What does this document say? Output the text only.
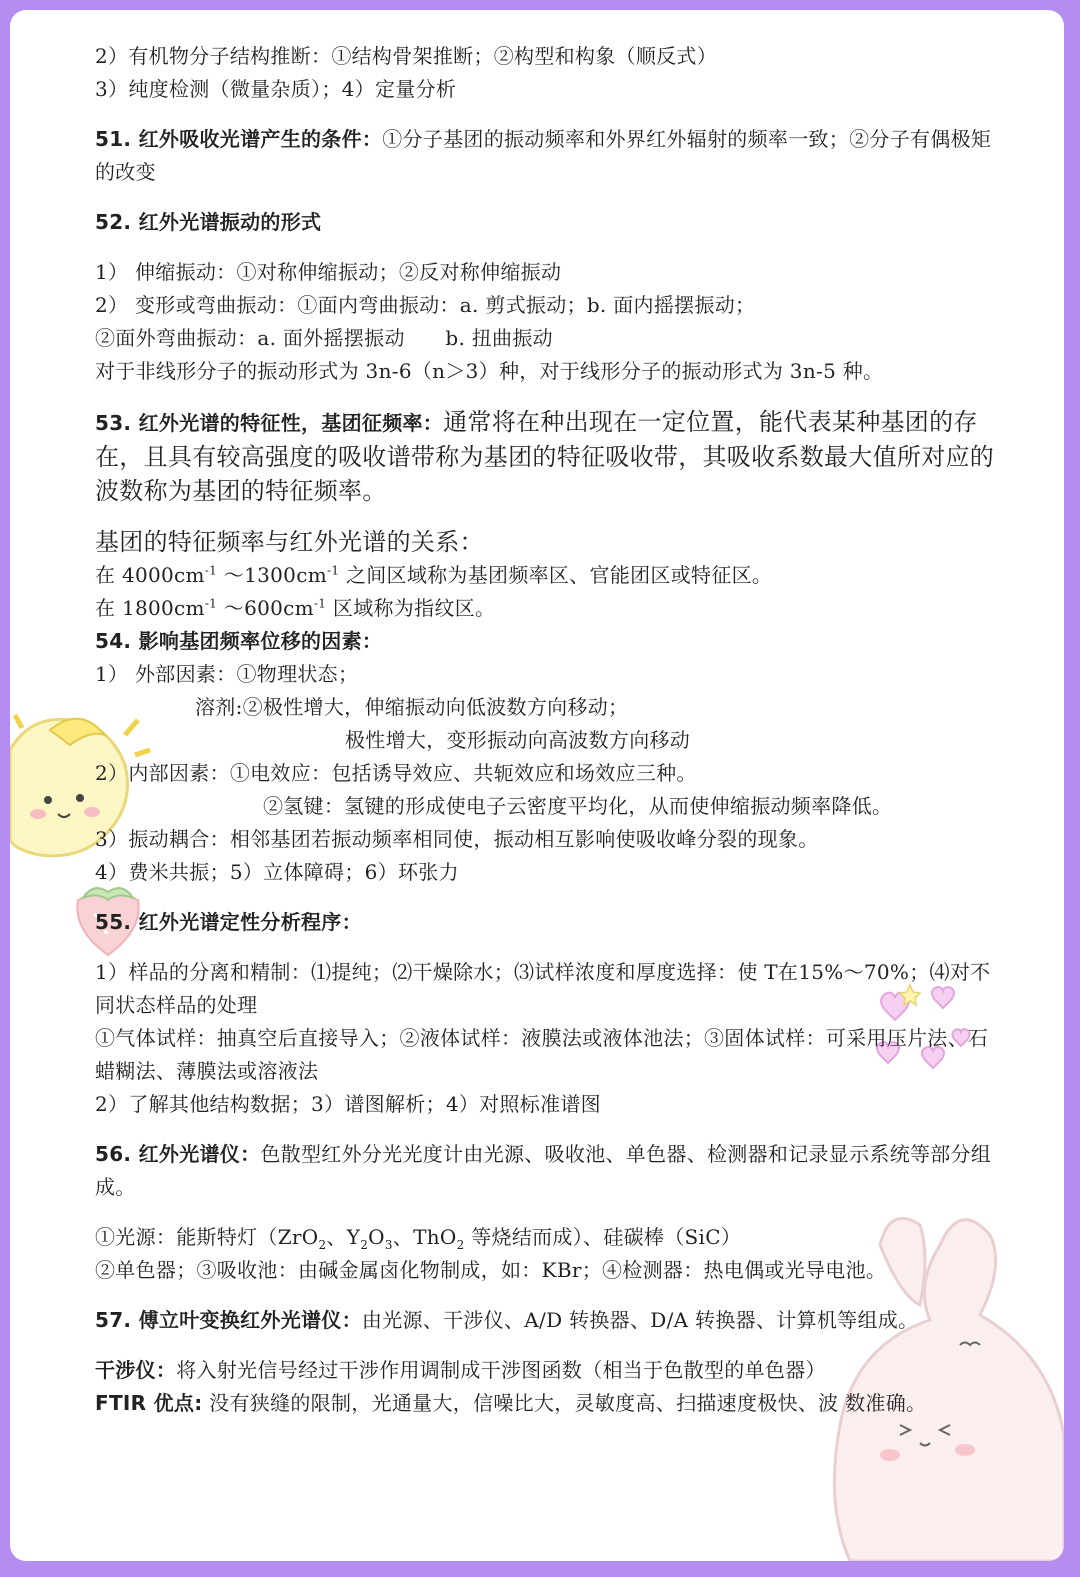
2）有机物分子结构推断：①结构骨架推断；②构型和构象（顺反式）
3）纯度检测（微量杂质）；4）定量分析
51. 红外吸收光谱产生的条件：①分子基团的振动频率和外界红外辐射的频率一致；②分子有偶极矩的改变
52. 红外光谱振动的形式
1） 伸缩振动：①对称伸缩振动；②反对称伸缩振动
2） 变形或弯曲振动：①面内弯曲振动：a. 剪式振动；b. 面内摇摆振动；
②面外弯曲振动：a. 面外摇摆振动　　b. 扭曲振动
对于非线形分子的振动形式为 3n-6（n＞3）种，对于线形分子的振动形式为 3n-5 种。
53. 红外光谱的特征性，基团征频率：通常将在种出现在一定位置，能代表某种基团的存在，且具有较高强度的吸收谱带称为基团的特征吸收带，其吸收系数最大值所对应的波数称为基团的特征频率。
基团的特征频率与红外光谱的关系：
在 $4000cm^{-1}$ $\sim 1300cm^{-1}$ 之间区域称为基团频率区、官能团区或特征区。
在 $1800cm^{-1}$ $\sim 600cm^{-1}$ 区域称为指纹区。
54. 影响基团频率位移的因素：
1） 外部因素：①物理状态；
溶剂:②极性增大，伸缩振动向低波数方向移动；
极性增大，变形振动向高波数方向移动
2）内部因素：①电效应：包括诱导效应、共轭效应和场效应三种。
②氢键：氢键的形成使电子云密度平均化，从而使伸缩振动频率降低。
3）振动耦合：相邻基团若振动频率相同使，振动相互影响使吸收峰分裂的现象。
4）费米共振；5）立体障碍；6）环张力
55. 红外光谱定性分析程序：
1）样品的分离和精制：⑴提纯；⑵干燥除水；⑶试样浓度和厚度选择：使 T在15%～70%；⑷对不同状态样品的处理
①气体试样：抽真空后直接导入；②液体试样：液膜法或液体池法；③固体试样：可采用压片法、石蜡糊法、薄膜法或溶液法
2）了解其他结构数据；3）谱图解析；4）对照标准谱图
56. 红外光谱仪：色散型红外分光光度计由光源、吸收池、单色器、检测器和记录显示系统等部分组成。
①光源：能斯特灯（ZrO$_2$、$Y_2O_3$、ThO$_2$ 等烧结而成）、硅碳棒（SiC）
②单色器；③吸收池：由碱金属卤化物制成，如：KBr；④检测器：热电偶或光导电池。
57. 傅立叶变换红外光谱仪：由光源、干涉仪、A/D 转换器、D/A 转换器、计算机等组成。
干涉仪：将入射光信号经过干涉作用调制成干涉图函数（相当于色散型的单色器）
FTIR 优点: 没有狭缝的限制，光通量大，信噪比大，灵敏度高、扫描速度极快、波 数准确。
